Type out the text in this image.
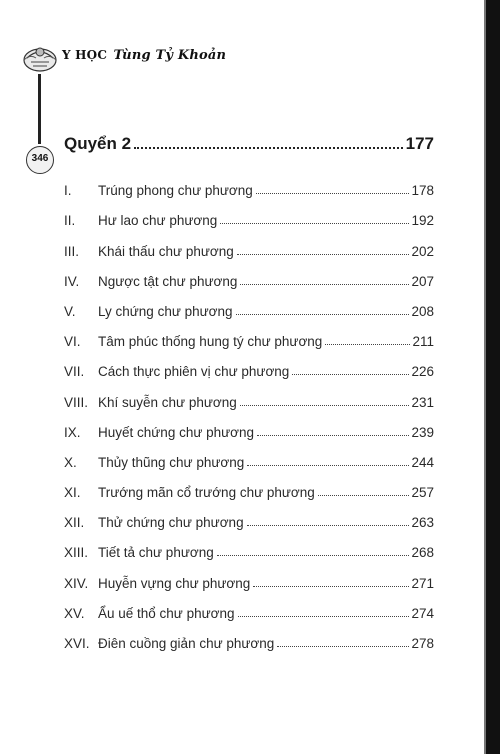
Y HỌC Tùng Tỷ Khoản
346
Quyển 2	177
I.	Trúng phong chư phương	178
II.	Hư lao chư phương	192
III.	Khái thấu chư phương	202
IV.	Ngược tật chư phương	207
V.	Ly chứng chư phương	208
VI.	Tâm phúc thống hung tý chư phương	211
VII.	Cách thực phiên vị chư phương	226
VIII. Khí suyễn chư phương	231
IX.	Huyết chứng chư phương	239
X.	Thủy thũng chư phương	244
XI.	Trướng mãn cổ trướng chư phương	257
XII.	Thử chứng chư phương	263
XIII. Tiết tả chư phương	268
XIV. Huyễn vựng chư phương	271
XV. Ẩu uế thổ chư phương	274
XVI. Điên cuồng giản chư phương	278
